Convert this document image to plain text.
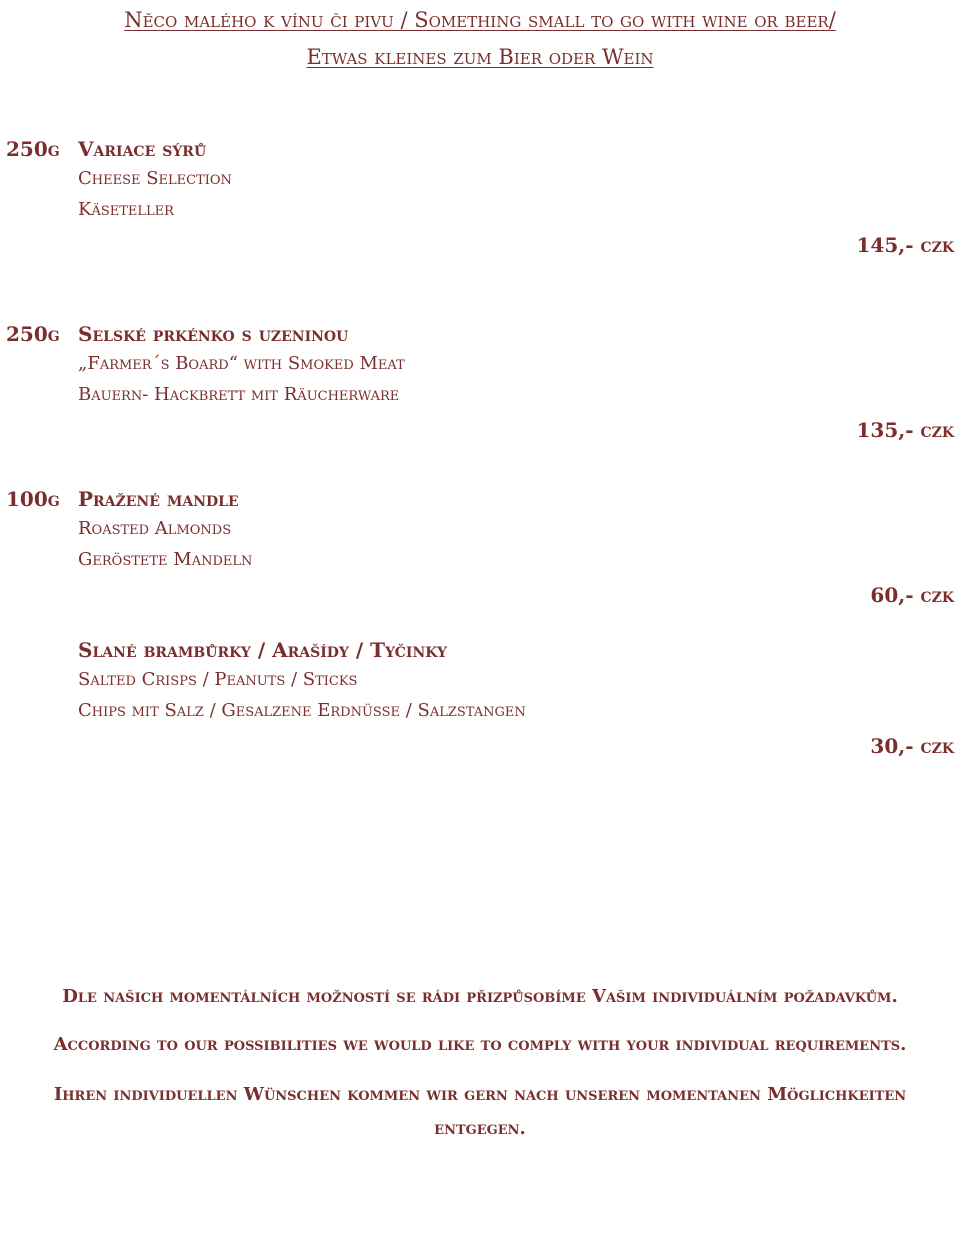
Něco malého k vínu či pivu / Something small to go with wine or beer/
Etwas kleines zum Bier oder Wein
250g Variace sýrů
Cheese Selection
Käseteller
145,- czk
250g Selské prkénko s uzeninou
„Farmer´s Board“ with Smoked Meat
Bauern- Hackbrett mit Räucherware
135,- czk
100g Pražené mandle
Roasted Almonds
Geröstete Mandeln
60,- czk
Slané brambůrky / Arašídy / Tyčinky
Salted Crisps / Peanuts / Sticks
Chips mit Salz / Gesalzene Erdnüsse / Salzstangen
30,- czk
Dle našich momentálních možností se rádi přizpůsobíme Vašim individuálním požadavkům.
According to our possibilities we would like to comply with your individual requirements.
Ihren individuellen Wünschen kommen wir gern nach unseren momentanen Möglichkeiten entgegen.
